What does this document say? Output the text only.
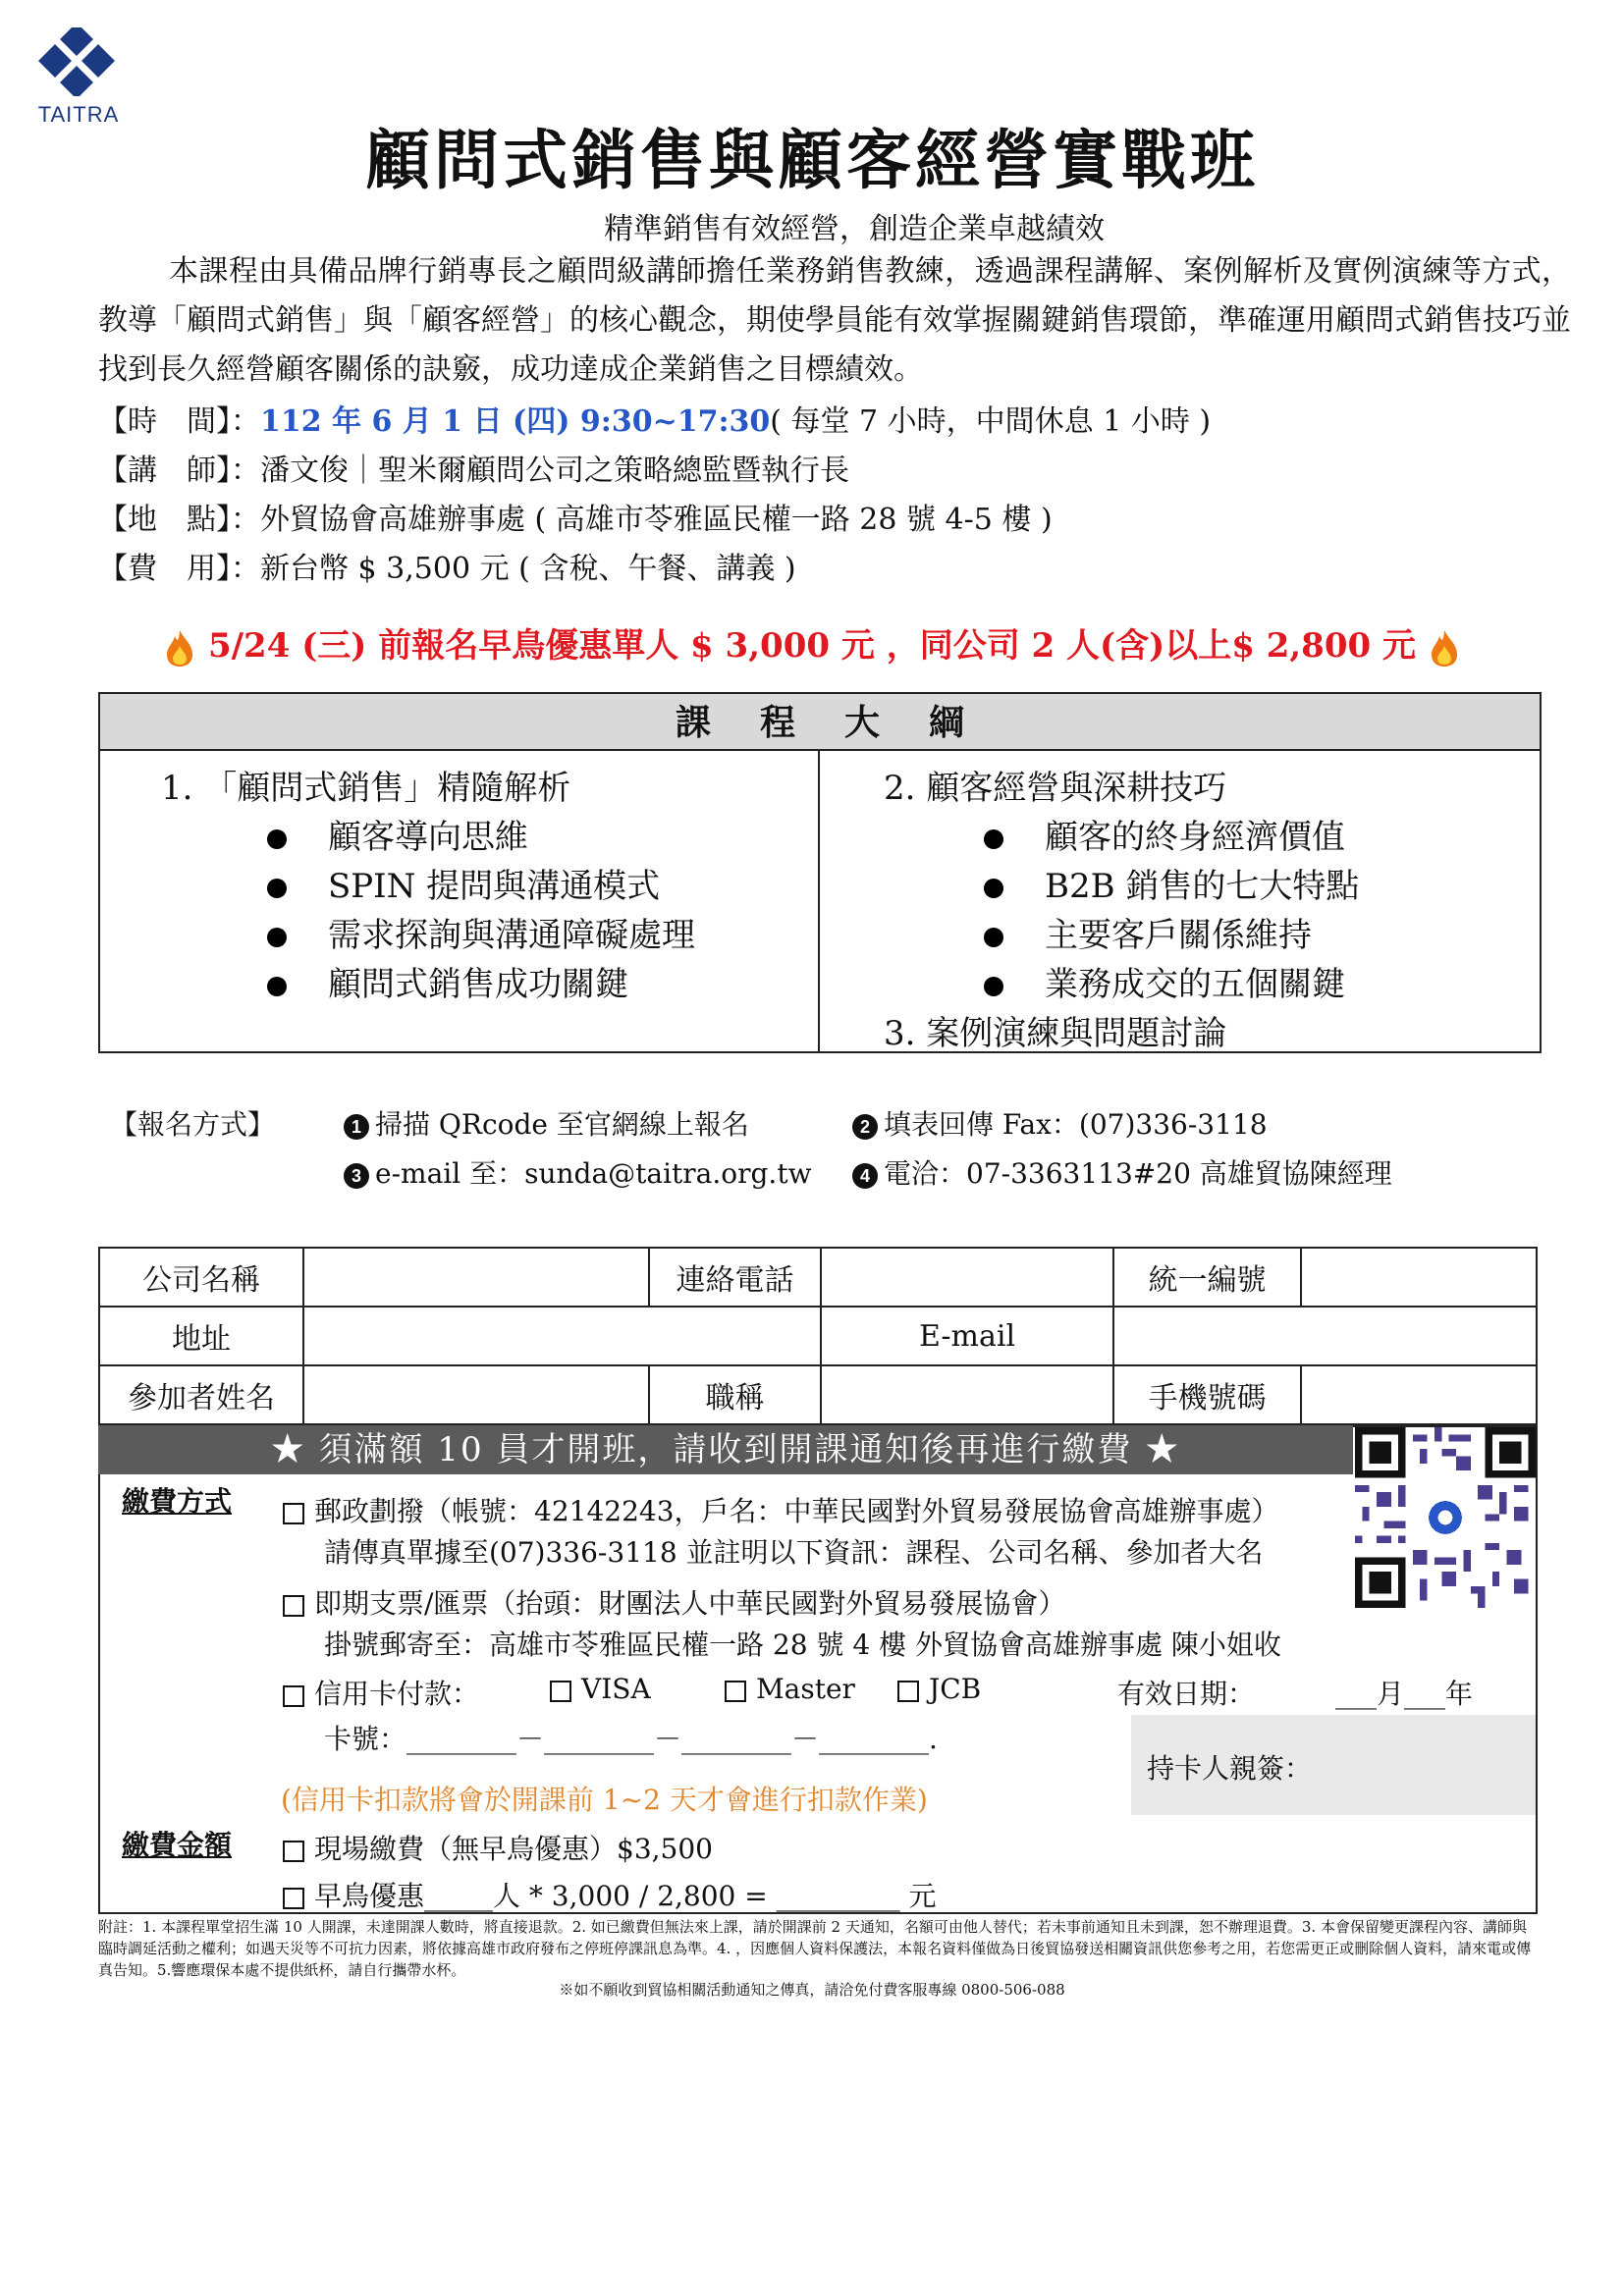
TAITRA
顧問式銷售與顧客經營實戰班
精準銷售有效經營，創造企業卓越績效
本課程由具備品牌行銷專長之顧問級講師擔任業務銷售教練，透過課程講解、案例解析及實例演練等方式，教導「顧問式銷售」與「顧客經營」的核心觀念，期使學員能有效掌握關鍵銷售環節，準確運用顧問式銷售技巧並找到長久經營顧客關係的訣竅，成功達成企業銷售之目標績效。
【時　間】：112 年 6 月 1 日 (四) 9:30~17:30( 每堂 7 小時，中間休息 1 小時 )
【講　師】：潘文俊｜聖米爾顧問公司之策略總監暨執行長
【地　點】：外貿協會高雄辦事處 ( 高雄市苓雅區民權一路 28 號 4-5 樓 )
【費　用】：新台幣 $ 3,500 元 ( 含稅、午餐、講義 )
5/24 (三) 前報名早鳥優惠單人 $ 3,000 元 ，同公司 2 人(含)以上$ 2,800 元
課程大綱
1. 「顧問式銷售」精隨解析
顧客導向思維
SPIN 提問與溝通模式
需求探詢與溝通障礙處理
顧問式銷售成功關鍵
2. 顧客經營與深耕技巧
顧客的終身經濟價值
B2B 銷售的七大特點
主要客戶關係維持
業務成交的五個關鍵
3. 案例演練與問題討論
【報名方式】	1 掃描 QRcode 至官網線上報名	2 填表回傳 Fax：(07)336-3118
3 e-mail 至：sunda@taitra.org.tw	4 電洽：07-3363113#20 高雄貿協陳經理
公司名稱	連絡電話	統一編號
地址	E-mail
參加者姓名	職稱	手機號碼
★ 須滿額 10 員才開班，請收到開課通知後再進行繳費 ★
繳費方式	郵政劃撥（帳號：42142243，戶名：中華民國對外貿易發展協會高雄辦事處）
請傳真單據至(07)336-3118 並註明以下資訊：課程、公司名稱、參加者大名
即期支票/匯票（抬頭：財團法人中華民國對外貿易發展協會）
掛號郵寄至：高雄市苓雅區民權一路 28 號 4 樓 外貿協會高雄辦事處 陳小姐收
信用卡付款：	VISA	Master	JCB	有效日期：	___月___年
卡號：________－________－________－________.
持卡人親簽：
(信用卡扣款將會於開課前 1~2 天才會進行扣款作業)
繳費金額	現場繳費（無早鳥優惠）$3,500
早鳥優惠_____人 * 3,000 / 2,800 = _________ 元
附註：1. 本課程單堂招生滿 10 人開課，未達開課人數時，將直接退款。2. 如已繳費但無法來上課，請於開課前 2 天通知，名額可由他人替代；若未事前通知且未到課，恕不辦理退費。3. 本會保留變更課程內容、講師與臨時調延活動之權利；如遇天災等不可抗力因素，將依據高雄市政府發布之停班停課訊息為準。4. ，因應個人資料保護法，本報名資料僅做為日後貿協發送相關資訊供您參考之用，若您需更正或刪除個人資料，請來電或傳真告知。5.響應環保本處不提供紙杯，請自行攜帶水杯。
※如不願收到貿協相關活動通知之傳真，請洽免付費客服專線 0800-506-088
